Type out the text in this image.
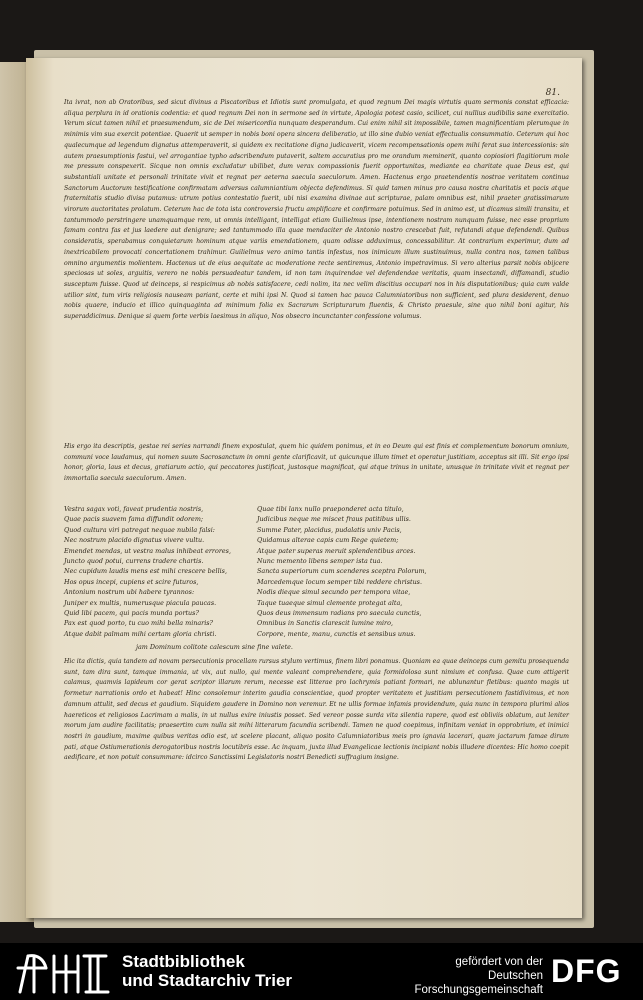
81.

Ita ivrat, non ab Oratoribus, sed sicut divinus a Piscatoribus et Idiotis sunt promulgata, et quod regnum Dei magis virtutis quam sermonis constat efficacia: aliqua perplura in id orationis codentia: et quod regnum Dei non in sermone sed in virtute, Apologia potest casio, scilicet, cui nullius audibilis sane exercitatio. Verum sicut tamen nihil et praesumendum, sic de Dei misericordia nunquam desperandum. Cui enim nihil sit impossibile, tamen magnificentiam plerumque in minimis vim sua exercit potentiae. Quaerit ut semper in nobis boni opera sincera deliberatio, ut illo sine dubio veniat effectualis consummatio. Ceterum qui hoc qualecumque ad legendum dignatus attemperaverit, si quidem ex recitatione digna judicaverit, vicem recompensationis opem mihi ferat sua intercessionis: sin autem praesumptionis fastui, vel arrogantiae typho adscribendum putaverit, saltem accuratius pro me orandum meminerit, quanto copiosiori flagitiorum mole me pressum conspexerit. Sicque non omnis excludatur ubilibet, dum verax compassionis fuerit opportunitas, mediante ea charitate quae Deus est, qui substantiali unitate et personali trinitate vivit et regnat per aeterna saecula saeculorum. Amen. Hactenus ergo praetendentis nostrae veritatem continua Sanctorum Auctorum testificatione confirmatam adversus calumniantium objecta defendimus. Si quid tamen minus pro causa nostra charitatis et pacis atque fraternitatis studio divisa putamus: utrum potius contestatio fuerit, ubi nisi examina divinae aut scripturae, palam omnibus est, nihil praeter gratissimarum virorum auctoritates prolatum. Ceterum hac de tota ista controversia fructu amplificare et confirmare potuimus. Sed in animo est, ut dicamus simili transitu, et tantummodo perstringere unamquamque rem, ut omnis intelligant, intelligat etiam Guilielmus ipse, intentionem nostram nunquam fuisse, nec esse proprium famam contra fas et jus laedere aut denigrare; sed tantummodo illa quae mendaciter de Antonio nostro crescebat fuit, refutandi atque defendendi. Quibus consideratis, sperabamus conquietarum hominum atque variis emendationem, quam odisse adduximus, concessabilitur. At contrarium experimur, dum ad inextricabilem provocati concertationem trahimur. Guilielmus vero animo tantis infestus, nos inimicum illum sustinuimus, nulla contra nos, tamen talibus omnino argumentis molientem. Hactenus ut de eius aequitate ac moderatione recte sentiremus, Antonio impetravimus. Si vero alterius parsit nobis obijcere speciosas ut soles, arguitis, verero ne nobis persuadeatur tandem, id non tam inquirendae vel defendendae veritatis, quam insectandi, diffamandi, studio susceptum fuisse. Quod ut deinceps, si respicimus ab nobis satisfacere, cedi nolim, ita nec velim discitius occupari nos in his disputationibus; quia cum valde utilior sint, tum viris religiosis nauseam pariant, certe et mihi ipsi N. Quod si tamen hac pauca Calumniatoribus non sufficient, sed plura desiderent, denuo nobis quaere, inducio et illico quinquaginta ad minimum folia ex Sacrarum Scripturarum fluentis, & Christo praesule, sine quo nihil boni agitur, his superaddicimus. Denique si quem forte verbis laesimus in aliquo, Nos obsecro incunctanter confessione volumus.

His ergo ita descriptis, gestae rei series narrandi finem expostulat, quem hic quidem ponimus, et in eo Deum qui est finis et complementum bonorum omnium, communi voce laudamus, qui nomen suum Sacrosanctum in omni gente clarificavit, ut quicunque illum timet et operatur justitiam, acceptus sit illi. Sit ergo ipsi honor, gloria, laus et decus, gratiarum actio, qui peccatores justificat, justosque magnificat, qui atque trinus in unitate, unusque in trinitate vivit et regnat per immortalia saecula saeculorum. Amen.

Vestra sagax voti, faveat prudentia nostris,
Quae pacis suavem fama diffundit odorem;
Quod cultura viri patregat nequae nubila falsi:
Nec nostrum placido dignatus vivere vultu.
Emendet mendas, ut vestra malus inhibeat errores,
Juncto quod potui, currens tradere chartis.
Nec cupidum laudis mens est mihi crescere bellis,
Hos opus incepi, cupiens et scire futuros,
Antonium nostrum ubi habere tyrannos:
Juniper ex multis, numerusque piacula paucas.
Quid libi pacem, qui pacis munda portus?
Pax est quod porto, tu cuo mihi bella minaris?
Atque dabit palmam mihi certam gloria christi.

Quae tibi lanx nullo praeponderet acta titulo,
Judicibus neque me miscet fraus patitibus ullis.
Summe Pater, placidus, pudalatis univ Pacis,
Quidamus alterae capis cum Rege quietem;
Atque pater superas meruit splendentibus arces.
Nunc memento libens semper ista tua.
Sancta superiorum cum scenderes sceptra Polorum,
Marcedemque locum semper tibi reddere christus.
Nodis dieque simul secundo per tempora vitae,
Taque tuaeque simul clemente protegat alta,
Quos deus immensum radians pro saecula cunctis,
Omnibus in Sanctis clarescit lumine miro,
Corpore, mente, manu, cunctis et sensibus unus.

jam Dominum colitote calescum sine fine valete.

Hic ita dictis, quia tandem ad novam persecutionis procellam rursus stylum vertimus, finem libri ponamus. Quoniam ea quae deinceps cum gemitu prosequenda sunt, tam dira sunt, tamque immania, ut vix, aut nullo, qui mente valeant comprehendere, quia formidolosa sunt nimium et confusa. Quae cum attigerit calamus, quamvis lapideum cor gerat scriptor illarum rerum, necesse est litterae pro lachrymis patiant formari, ne ablunantur fletibus: quanto magis ut formetur narrationis ordo et habeat! Hinc consolemur interim gaudia conscientiae, quod propter veritatem et justitiam persecutionem fastidivimus, et non damnum attulit, sed decus et gaudium. Siquidem gaudere in Domino non veremur. Et ne ullis formae infamis providendum, quia nunc in tempora plurimi alios haereticos et religiosos Lacrimam a malis, in ut nullus exire iniustis posset. Sed vereor posse surda vita silentia rapere, quod est obliviis oblatum, aut leniter morum jam audire facilitatis; praesertim cum nulla sit mihi litterarum facundia scribendi. Tamen ne quod coepimus, infinitam veniat in opprobrium, et inimici nostri in gaudium, maxime quibus veritas odio est, ut scelere placant, aliquo posito Calumniatoribus meis pro ignavia lacerari, quam jactarum famae dirum pati, atque Ostiumerationis derogatoribus nostris locutibris esse. Ac inquam, juxta illud Evangelicae lectionis incipiant nobis illudere dicentes: Hic homo coepit aedificare, et non potuit consummare: idcirco Sanctissimi Legislatoris nostri Benedicti suffragium insigne.

Stadtbibliothek
und Stadtarchiv Trier
gefördert von der
Deutschen Forschungsgemeinschaft
DFG
